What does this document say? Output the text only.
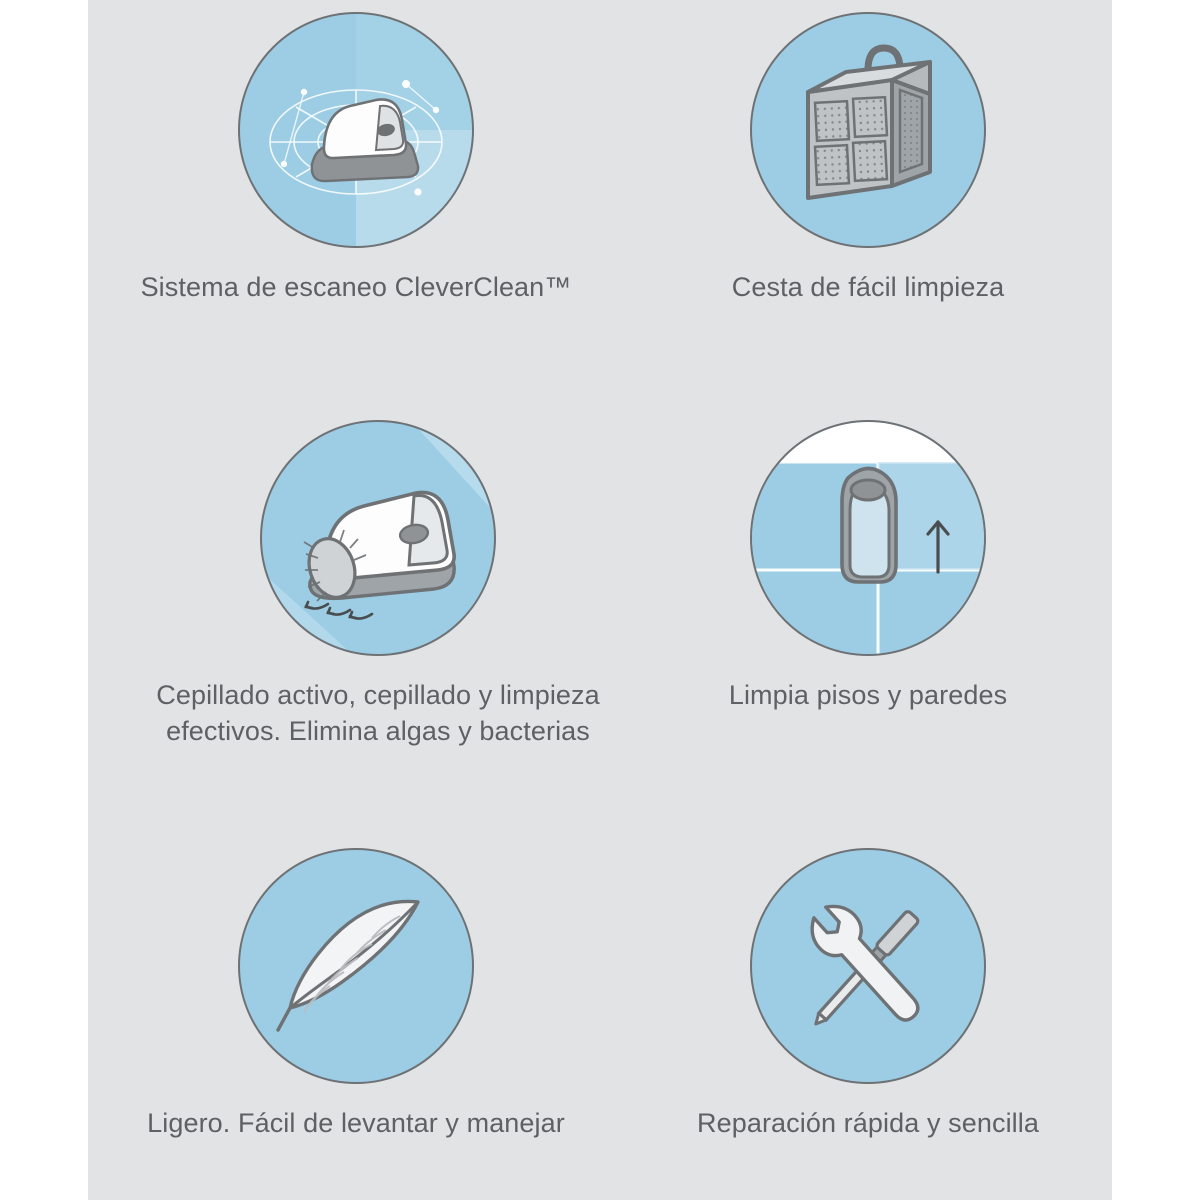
Sistema de escaneo CleverClean™	Cesta de fácil limpieza
Cepillado activo, cepillado y limpieza efectivos. Elimina algas y bacterias
Limpia pisos y paredes
Ligero. Fácil de levantar y manejar	Reparación rápida y sencilla
